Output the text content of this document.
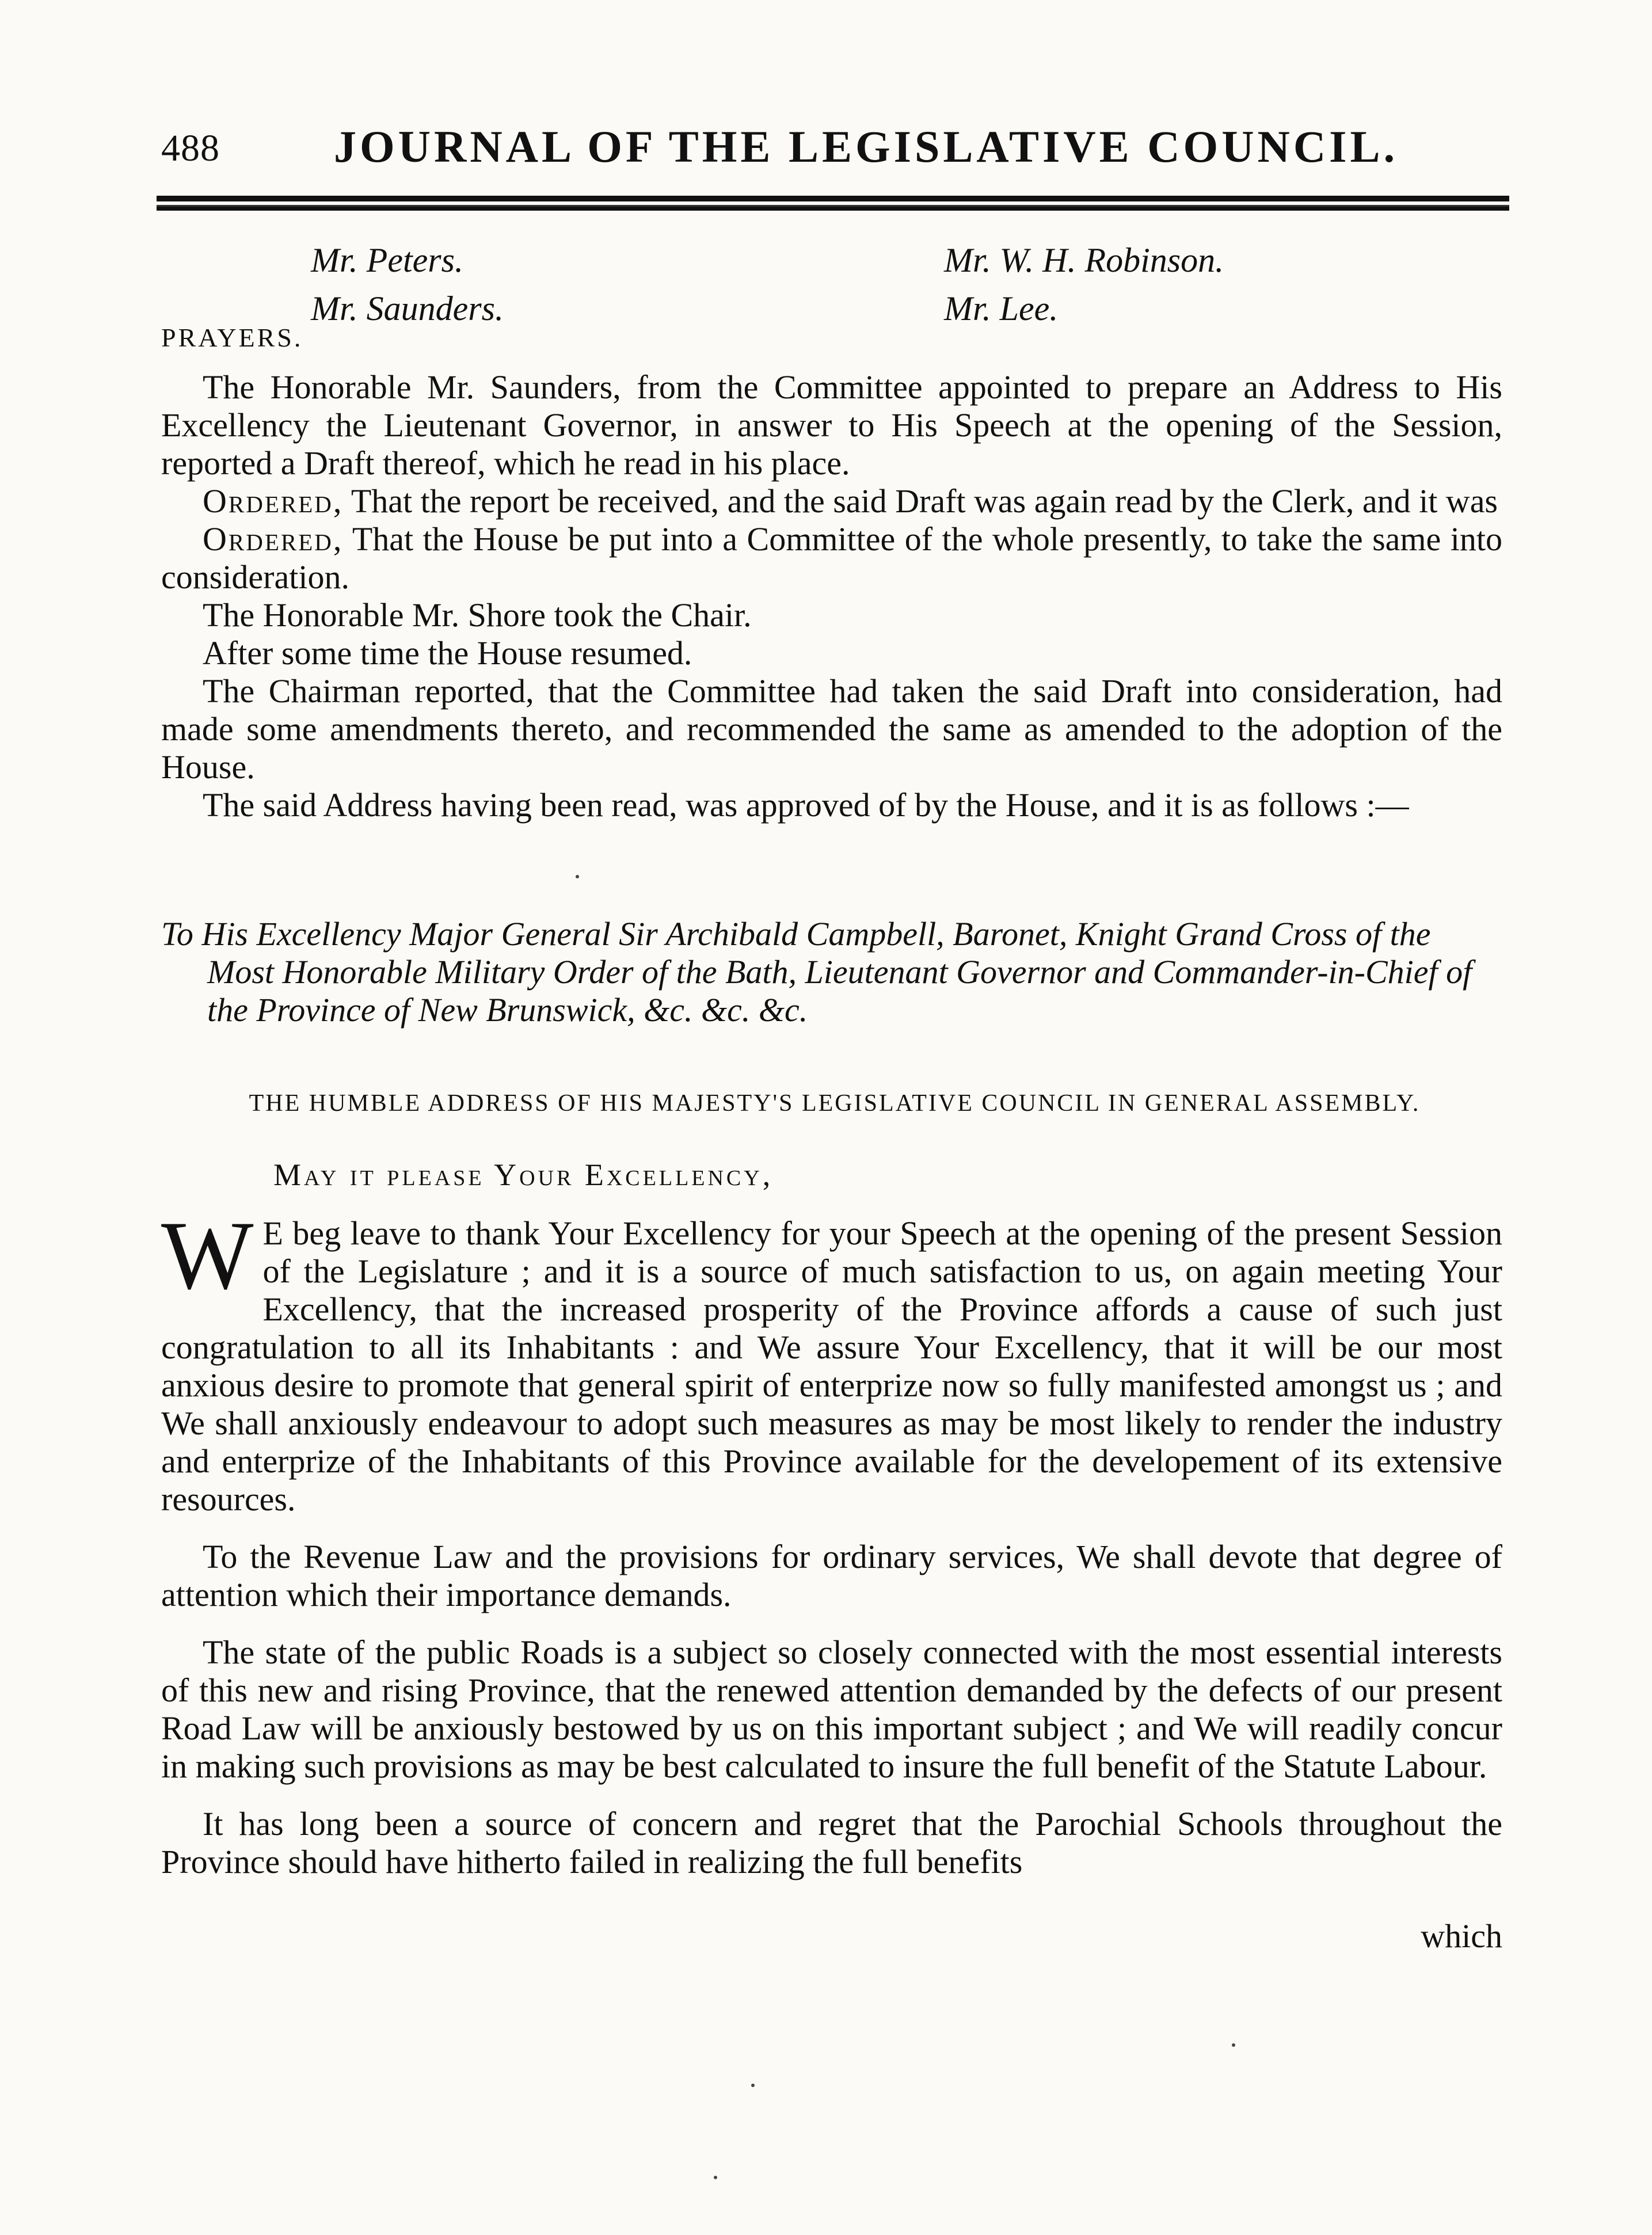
488	JOURNAL OF THE LEGISLATIVE COUNCIL.
Mr. Peters.
Mr. Saunders.
Mr. W. H. Robinson.
Mr. Lee.
PRAYERS.

The Honorable Mr. Saunders, from the Committee appointed to prepare an Address to His Excellency the Lieutenant Governor, in answer to His Speech at the opening of the Session, reported a Draft thereof, which he read in his place.

Ordered, That the report be received, and the said Draft was again read by the Clerk, and it was

Ordered, That the House be put into a Committee of the whole presently, to take the same into consideration.

The Honorable Mr. Shore took the Chair.

After some time the House resumed.

The Chairman reported, that the Committee had taken the said Draft into consideration, had made some amendments thereto, and recommended the same as amended to the adoption of the House.

The said Address having been read, was approved of by the House, and it is as follows :—

To His Excellency Major General Sir Archibald Campbell, Baronet, Knight Grand Cross of the Most Honorable Military Order of the Bath, Lieutenant Governor and Commander-in-Chief of the Province of New Brunswick, &c. &c. &c.

THE HUMBLE ADDRESS OF HIS MAJESTY'S LEGISLATIVE COUNCIL IN GENERAL ASSEMBLY.
May it please Your Excellency,

W E beg leave to thank Your Excellency for your Speech at the opening of the present Session of the Legislature ; and it is a source of much satisfaction to us, on again meeting Your Excellency, that the increased prosperity of the Province affords a cause of such just congratulation to all its Inhabitants : and We assure Your Excellency, that it will be our most anxious desire to promote that general spirit of enterprize now so fully manifested amongst us ; and We shall anxiously endeavour to adopt such measures as may be most likely to render the industry and enterprize of the Inhabitants of this Province available for the developement of its extensive resources.

To the Revenue Law and the provisions for ordinary services, We shall devote that degree of attention which their importance demands.

The state of the public Roads is a subject so closely connected with the most essential interests of this new and rising Province, that the renewed attention demanded by the defects of our present Road Law will be anxiously bestowed by us on this important subject ; and We will readily concur in making such provisions as may be best calculated to insure the full benefit of the Statute Labour.

It has long been a source of concern and regret that the Parochial Schools throughout the Province should have hitherto failed in realizing the full benefits

which
